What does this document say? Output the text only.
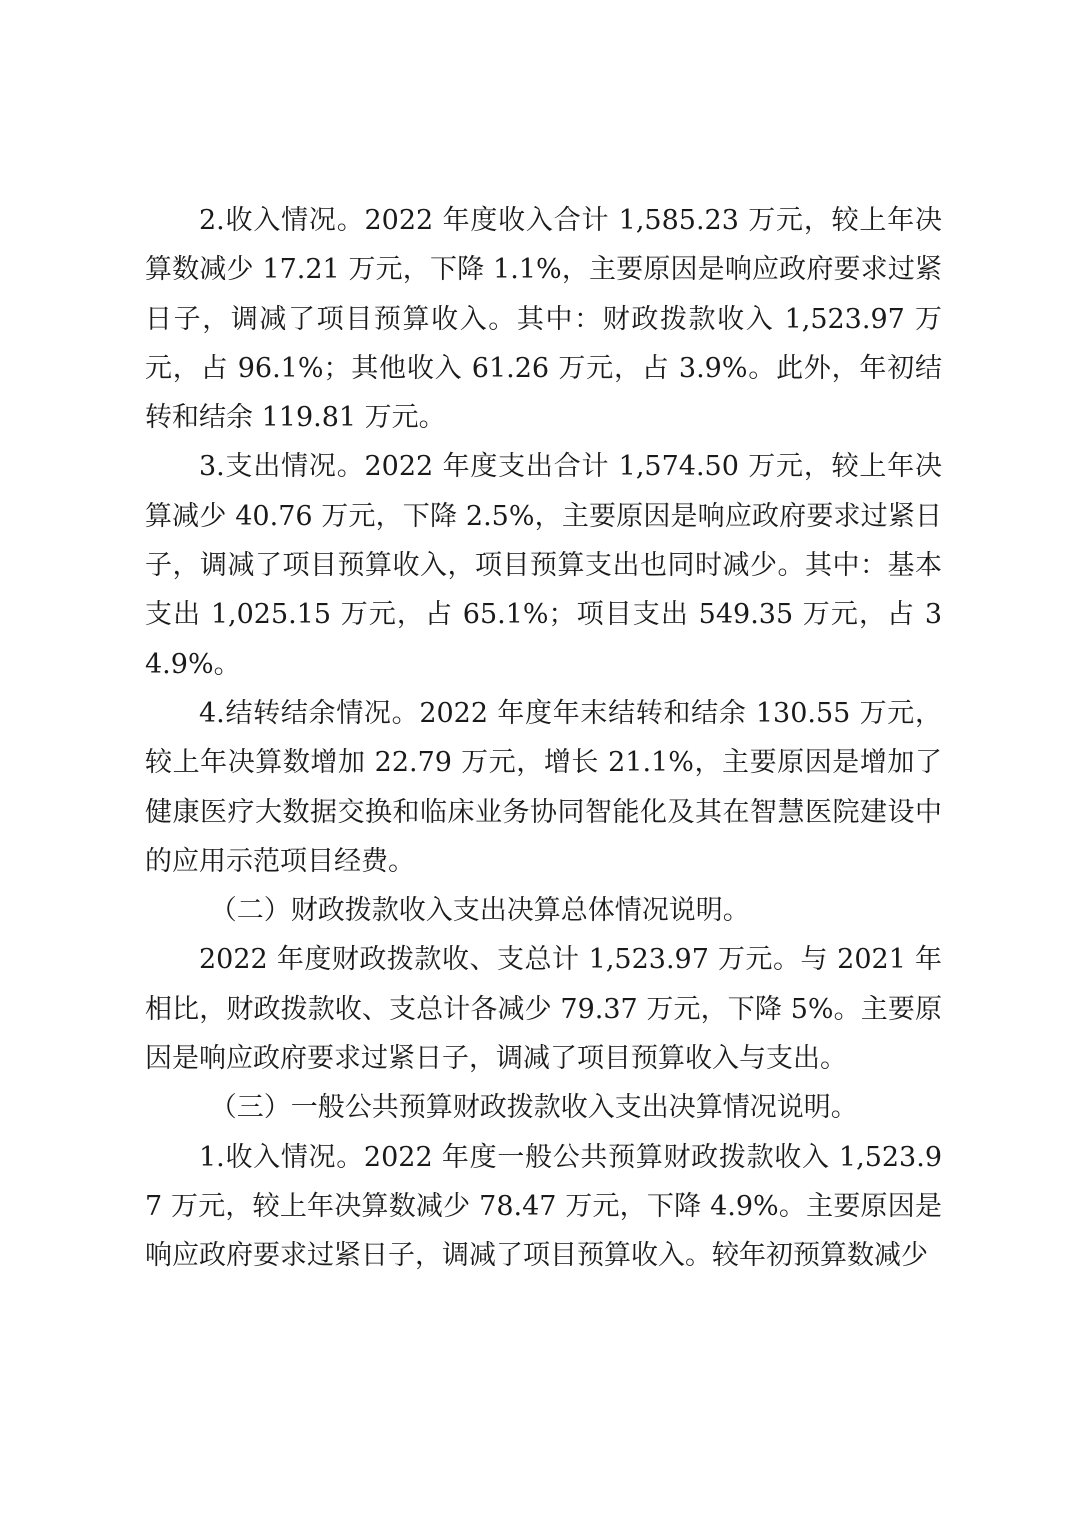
2.收入情况。2022 年度收入合计 1,585.23 万元，较上年决算数减少 17.21 万元，下降 1.1%，主要原因是响应政府要求过紧日子，调减了项目预算收入。其中：财政拨款收入 1,523.97 万元，占 96.1%；其他收入 61.26 万元，占 3.9%。此外，年初结转和结余 119.81 万元。

3.支出情况。2022 年度支出合计 1,574.50 万元，较上年决算减少 40.76 万元，下降 2.5%，主要原因是响应政府要求过紧日子，调减了项目预算收入，项目预算支出也同时减少。其中：基本支出 1,025.15 万元，占 65.1%；项目支出 549.35 万元，占 34.9%。

4.结转结余情况。2022 年度年末结转和结余 130.55 万元，较上年决算数增加 22.79 万元，增长 21.1%，主要原因是增加了健康医疗大数据交换和临床业务协同智能化及其在智慧医院建设中的应用示范项目经费。

（二）财政拨款收入支出决算总体情况说明。

2022 年度财政拨款收、支总计 1,523.97 万元。与 2021 年相比，财政拨款收、支总计各减少 79.37 万元，下降 5%。主要原因是响应政府要求过紧日子，调减了项目预算收入与支出。

（三）一般公共预算财政拨款收入支出决算情况说明。

1.收入情况。2022 年度一般公共预算财政拨款收入 1,523.97 万元，较上年决算数减少 78.47 万元，下降 4.9%。主要原因是响应政府要求过紧日子，调减了项目预算收入。较年初预算数减少
